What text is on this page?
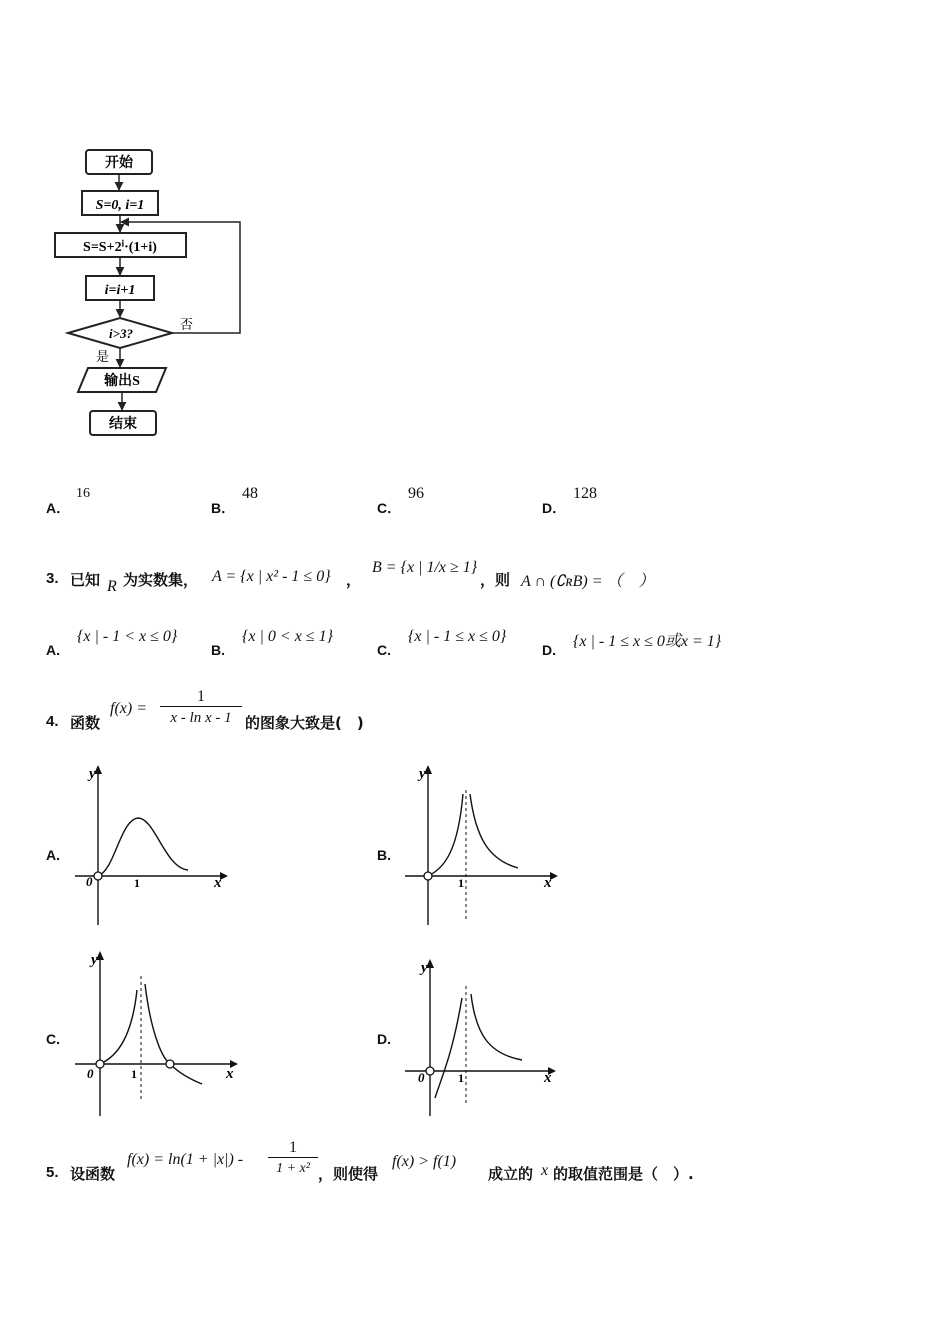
开始
S=0, i=1
S=S+2ⁱ·(1+i)
i=i+1
i>3?
否
是
输出S
结束
A．
16
B．
48
C．
96
D．
128
3. 已知 R 为实数集， A = {x | x² - 1 ≤ 0} ，
B = {x | 1/x ≥ 1}
，则 A ∩ (∁ʀB) = （　）
A.
{x | - 1 < x ≤ 0}
B.
{x | 0 < x ≤ 1}
C.
{x | - 1 ≤ x ≤ 0}
D. {x | - 1 ≤ x ≤ 0或x = 1}
4. 函数
f(x) =
1
x - ln x - 1 的图象大致是(　)
A.	B.
C.	D.
y
x
0	1
y
x
1
y
x
0	1
y
x
0	1
5. 设函数
f(x) = ln(1 + |x|) -
1
1 + x² ，则使得
f(x) > f(1)
成立的 x 的取值范围是（　）.
